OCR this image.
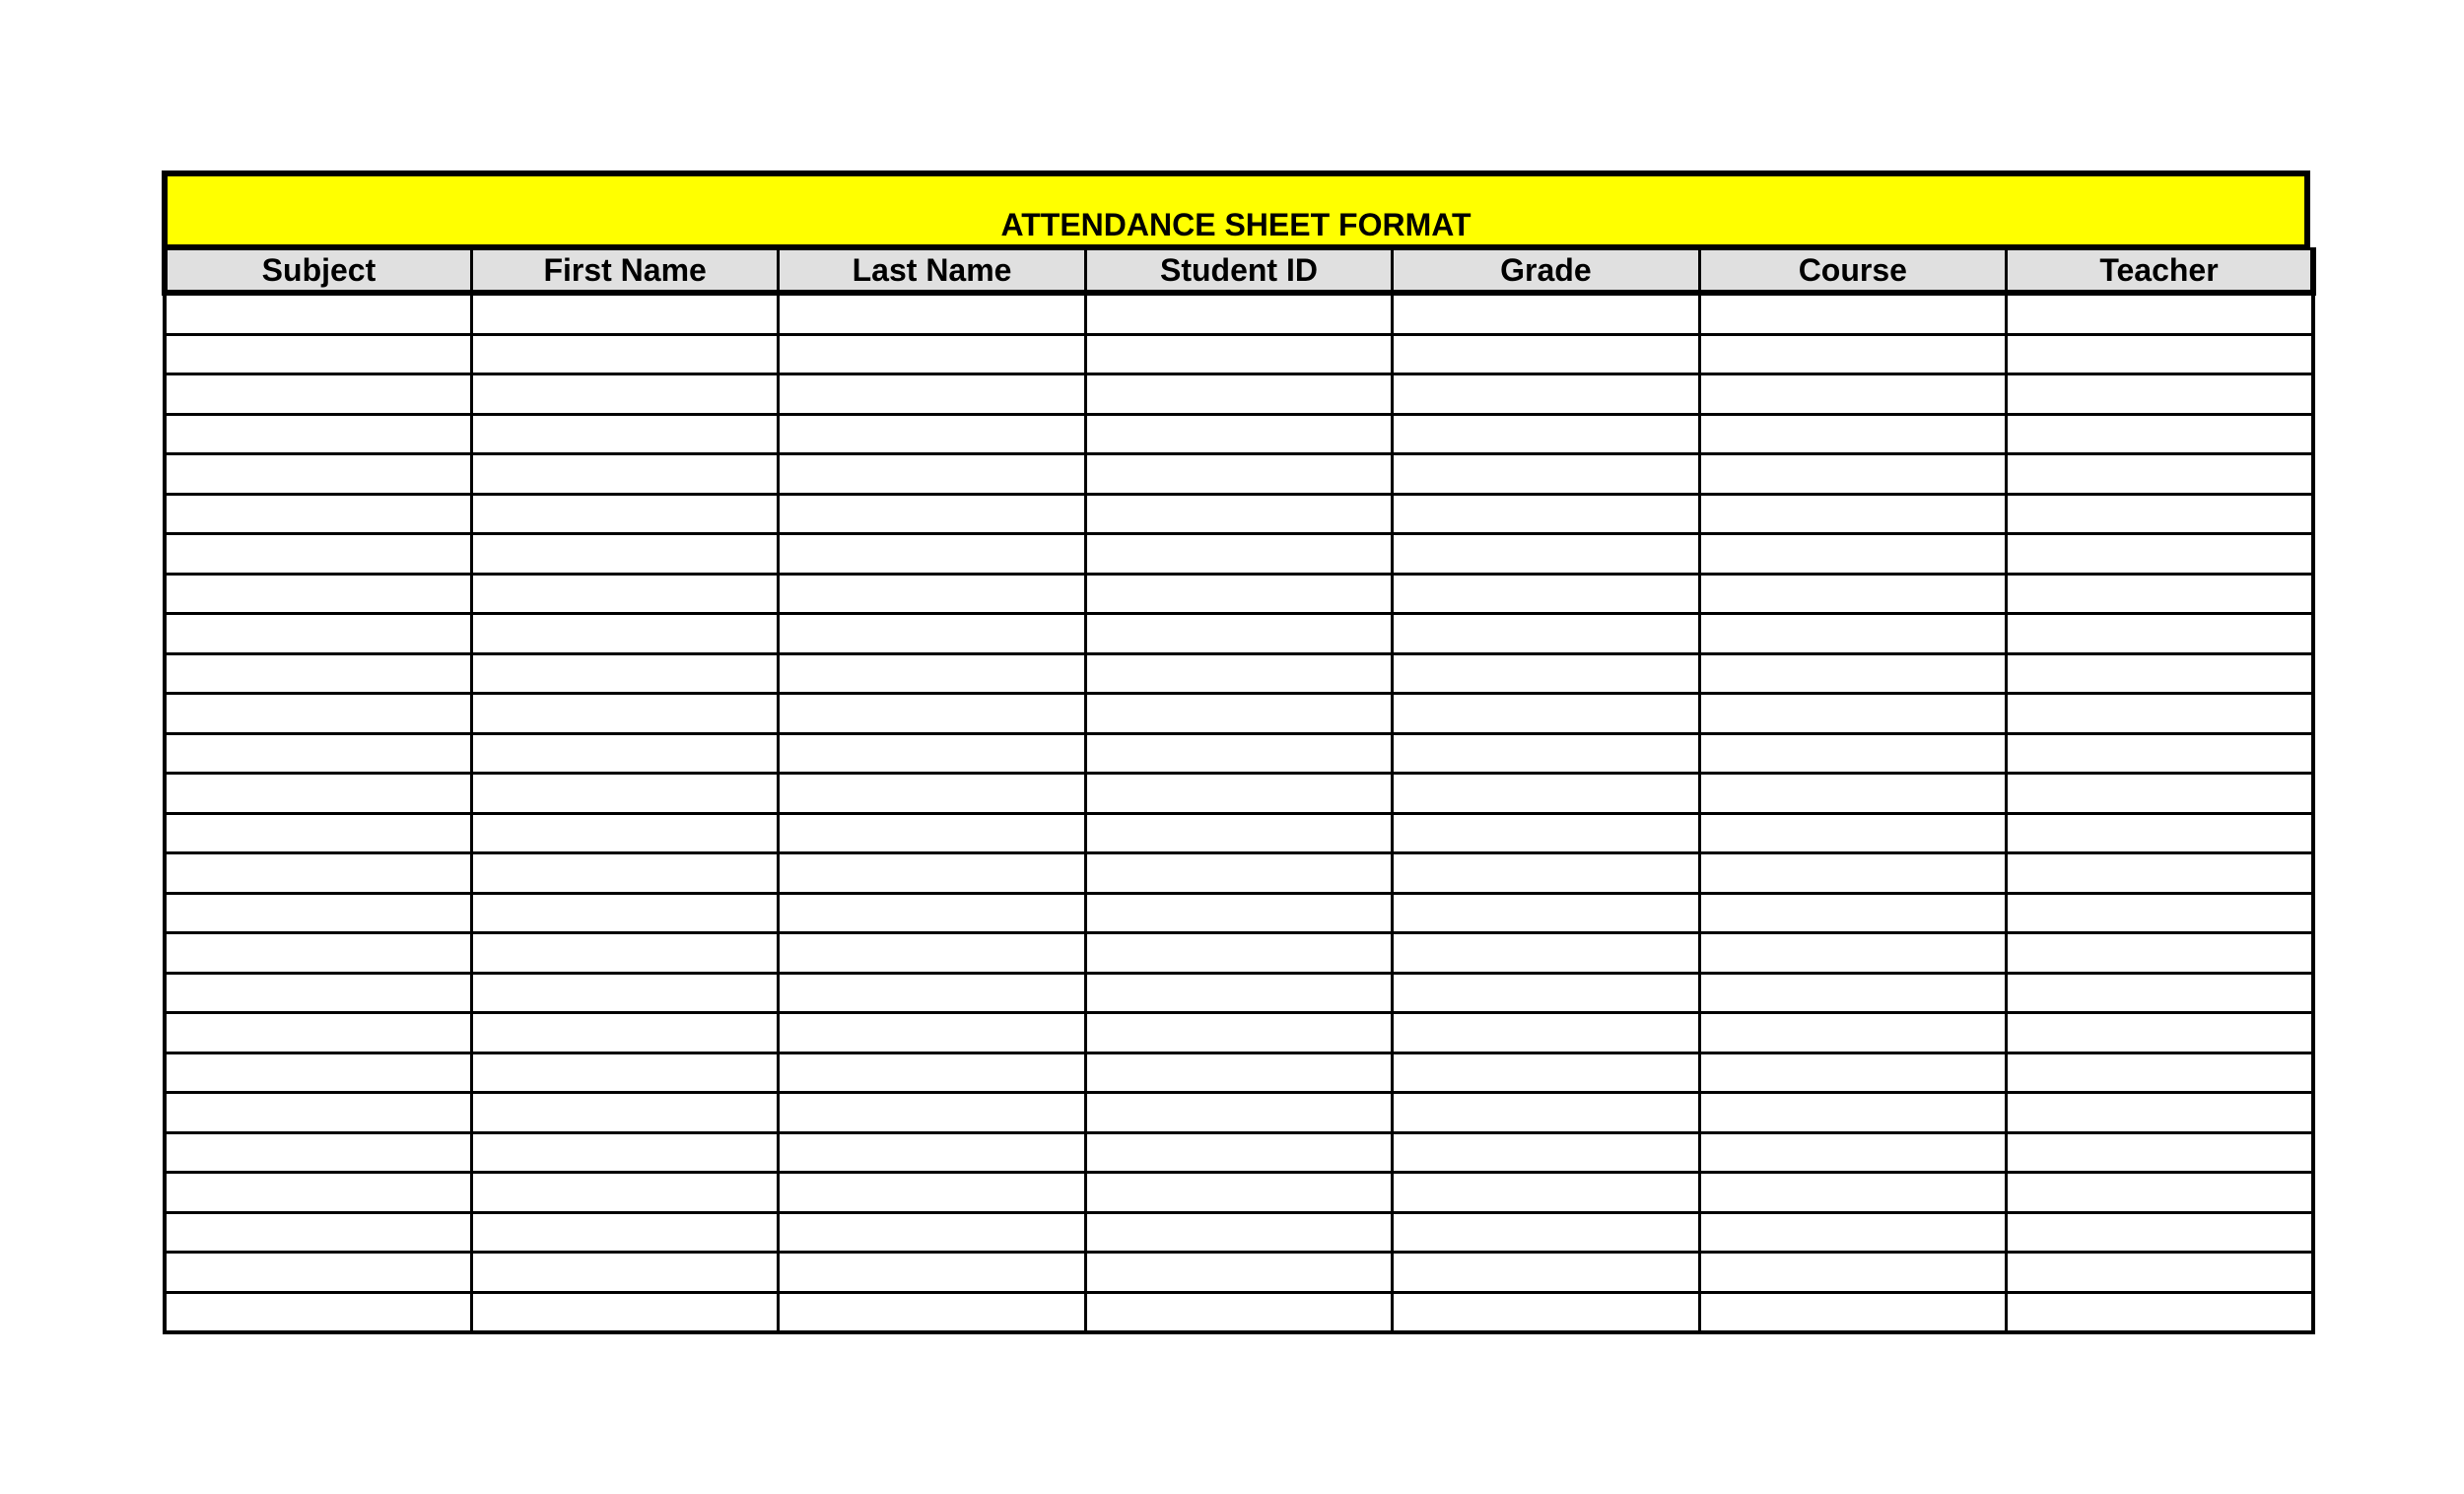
ATTENDANCE SHEET FORMAT
Subject	First Name	Last Name	Student ID	Grade	Course	Teacher
